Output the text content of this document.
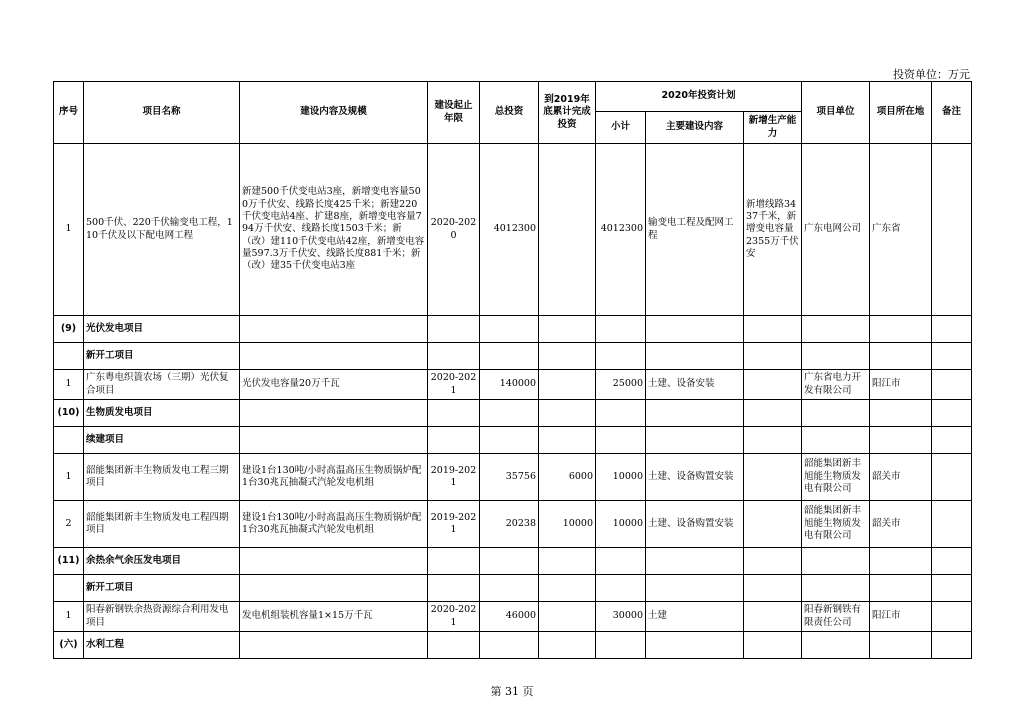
投资单位：万元
序号	项目名称	建设内容及规模	建设起止年限	总投资	到2019年底累计完成投资	2020年投资计划			项目单位	项目所在地	备注
						小计	主要建设内容	新增生产能力			
1	500千伏、220千伏输变电工程，110千伏及以下配电网工程	新建500千伏变电站3座，新增变电容量500万千伏安、线路长度425千米；新建220千伏变电站4座、扩建8座，新增变电容量794万千伏安、线路长度1503千米；新（改）建110千伏变电站42座，新增变电容量597.3万千伏安、线路长度881千米；新（改）建35千伏变电站3座	2020-2020	4012300		4012300	输变电工程及配网工程	新增线路3437千米，新增变电容量2355万千伏安	广东电网公司	广东省	
(9)	光伏发电项目										
	新开工项目										
1	广东粤电织篢农场（三期）光伏复合项目	光伏发电容量20万千瓦	2020-2021	140000		25000	土建、设备安装		广东省电力开发有限公司	阳江市	
(10)	生物质发电项目										
	续建项目										
1	韶能集团新丰生物质发电工程三期项目	建设1台130吨/小时高温高压生物质锅炉配1台30兆瓦抽凝式汽轮发电机组	2019-2021	35756	6000	10000	土建、设备购置安装		韶能集团新丰旭能生物质发电有限公司	韶关市	
2	韶能集团新丰生物质发电工程四期项目	建设1台130吨/小时高温高压生物质锅炉配1台30兆瓦抽凝式汽轮发电机组	2019-2021	20238	10000	10000	土建、设备购置安装		韶能集团新丰旭能生物质发电有限公司	韶关市	
(11)	余热余气余压发电项目										
	新开工项目										
1	阳春新钢铁余热资源综合利用发电项目	发电机组装机容量1×15万千瓦	2020-2021	46000		30000	土建		阳春新钢铁有限责任公司	阳江市	
(六)	水利工程										
第 31 页
